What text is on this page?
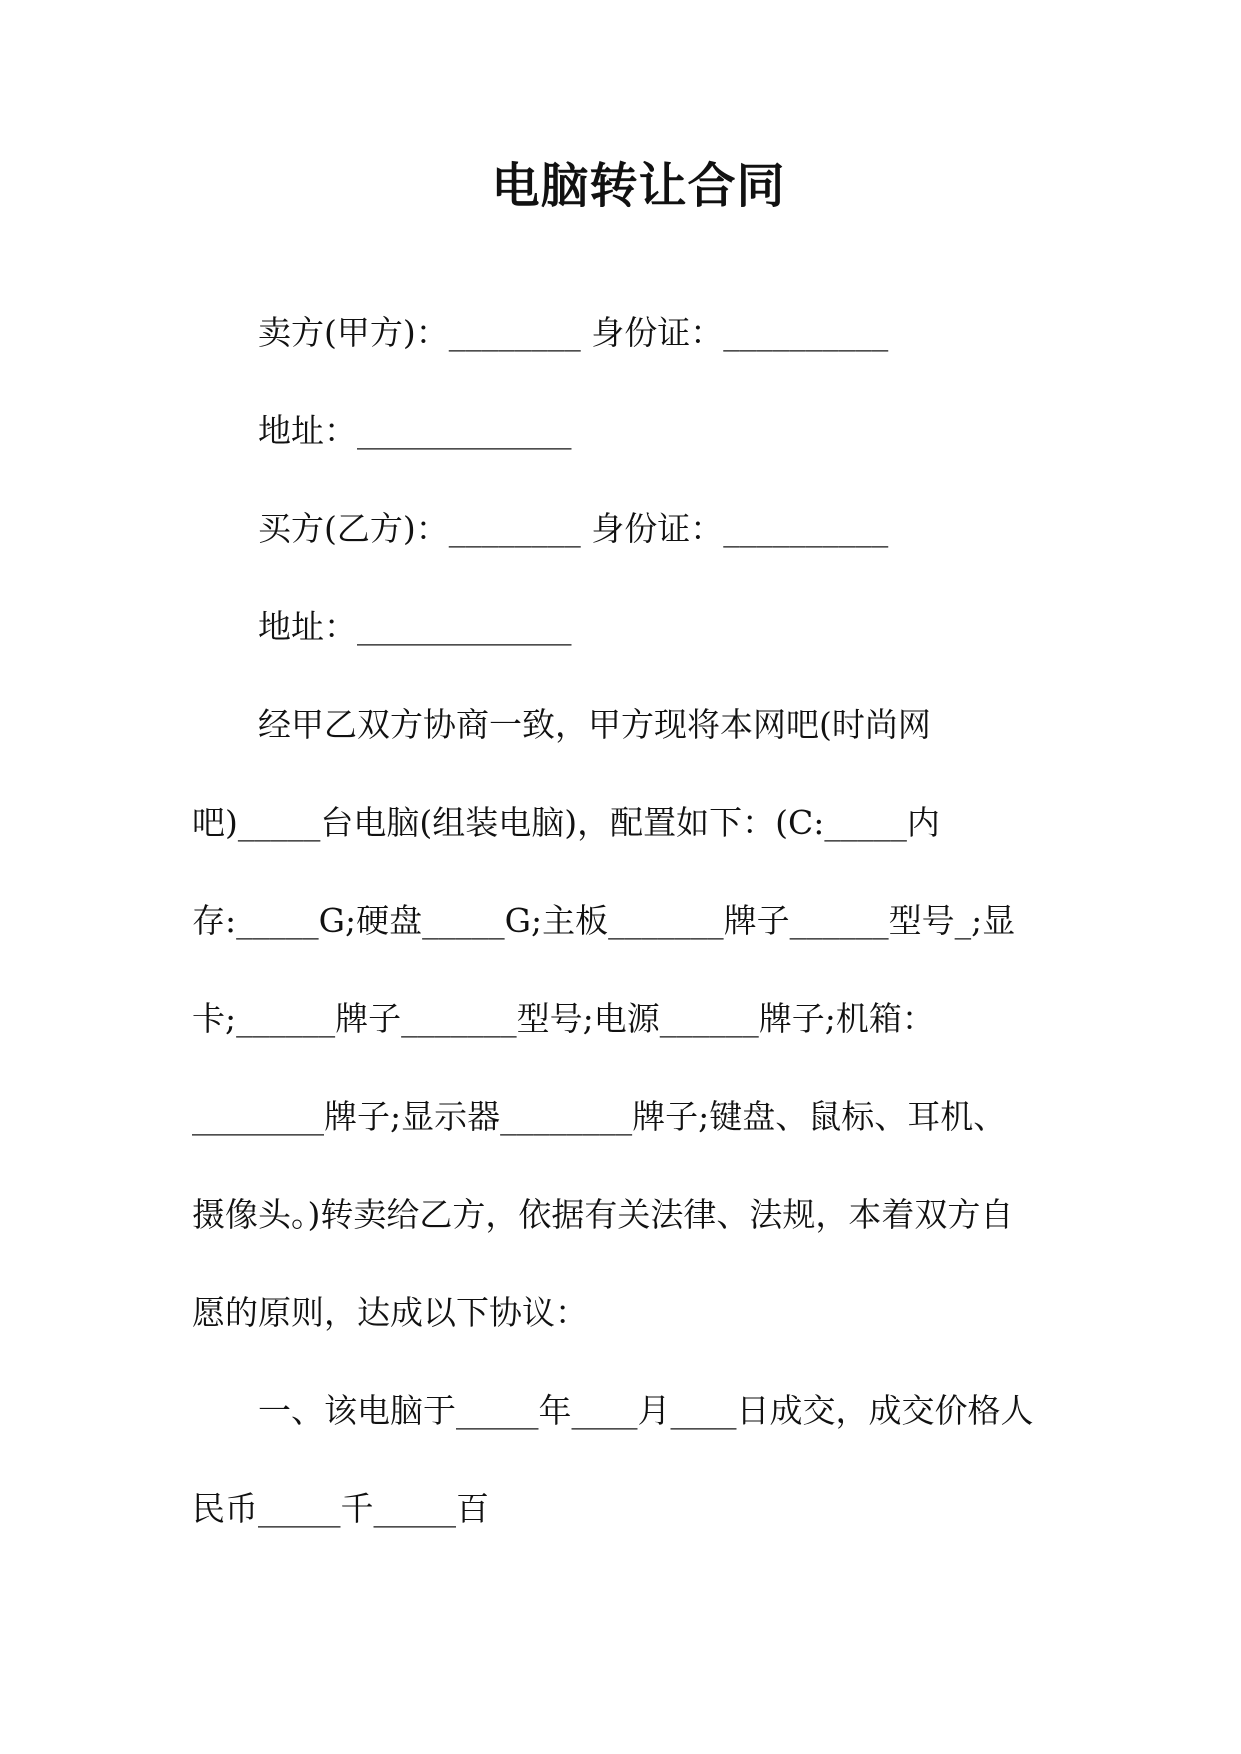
电脑转让合同
卖方(甲方)：________ 身份证：__________
地址：_____________
买方(乙方)：________ 身份证：__________
地址：_____________
经甲乙双方协商一致，甲方现将本网吧(时尚网
吧)_____台电脑(组装电脑)，配置如下：(C:_____内
存:_____G;硬盘_____G;主板_______牌子______型号_;显
卡;______牌子_______型号;电源______牌子;机箱：
________牌子;显示器________牌子;键盘、鼠标、耳机、
摄像头。)转卖给乙方，依据有关法律、法规，本着双方自
愿的原则，达成以下协议：
一、该电脑于_____年____月____日成交，成交价格人
民币_____千_____百
